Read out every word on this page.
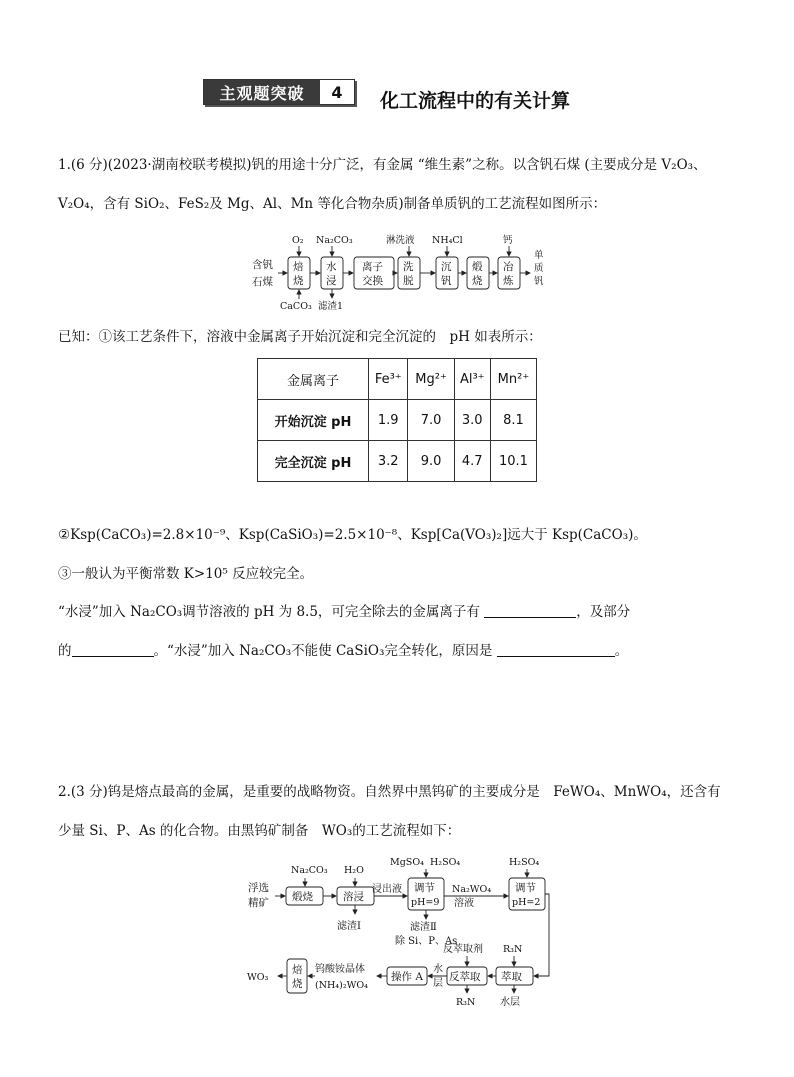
主观题突破	4	化工流程中的有关计算
1.(6 分)(2023·湖南校联考模拟)钒的用途十分广泛，有金属 “维生素”之称。以含钒石煤 (主要成分是 V₂O₃、
V₂O₄，含有 SiO₂、FeS₂及 Mg、Al、Mn 等化合物杂质)制备单质钒的工艺流程如图所示：
含钒
石煤
焙
烧
水
浸
离子
交换
洗
脱
沉
钒
煅
烧
冶
炼
O₂ Na₂CO₃	淋洗液 NH₄Cl	钙
CaCO₃ 滤渣1
单
质
钒
已知：①该工艺条件下，溶液中金属离子开始沉淀和完全沉淀的　pH 如表所示：
金属离子	Fe³⁺	Mg²⁺	Al³⁺	Mn²⁺
开始沉淀 pH	1.9	7.0	3.0	8.1
完全沉淀 pH	3.2	9.0	4.7	10.1
②Ksp(CaCO₃)=2.8×10⁻⁹、Ksp(CaSiO₃)=2.5×10⁻⁸、Ksp[Ca(VO₃)₂]远大于 Ksp(CaCO₃)。
③一般认为平衡常数 K>10⁵ 反应较完全。
“水浸”加入 Na₂CO₃调节溶液的 pH 为 8.5，可完全除去的金属离子有	，及部分
的	。“水浸”加入 Na₂CO₃不能使 CaSiO₃完全转化，原因是	。
2.(3 分)钨是熔点最高的金属，是重要的战略物资。自然界中黑钨矿的主要成分是　FeWO₄、MnWO₄，还含有
少量 Si、P、As 的化合物。由黑钨矿制备　WO₃的工艺流程如下：
浮选
精矿 煅烧	溶浸
Na₂CO₃ H₂O
滤渣Ⅰ
浸出液 调节
pH=9
MgSO₄ H₂SO₄
滤渣Ⅱ
除 Si、P、As
Na₂WO₄
溶液
调节
pH=2
H₂SO₄
萃取
R₃N
水层
反萃取
反萃取剂
R₃N
水
层
操作 A
钨酸铵晶体
(NH₄)₂WO₄
焙
烧
WO₃
